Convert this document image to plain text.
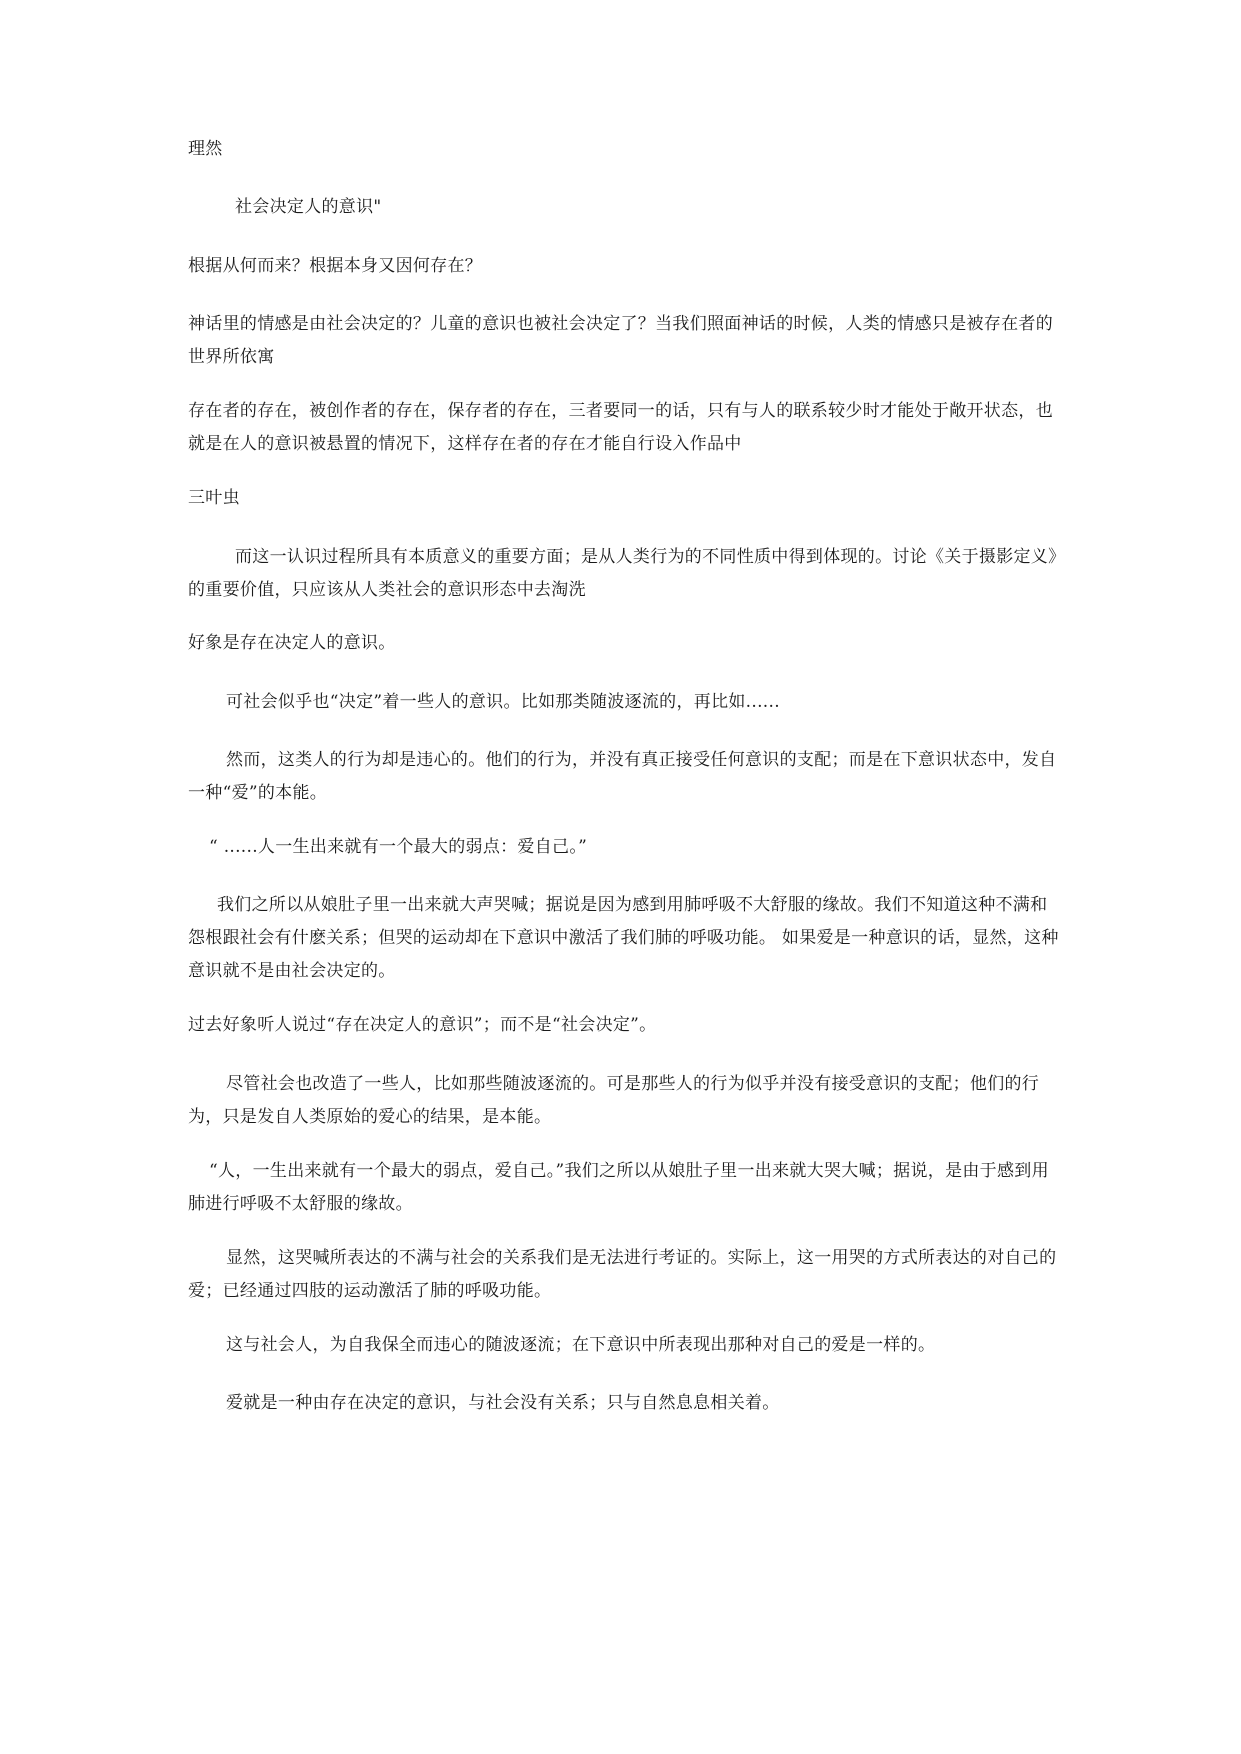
理然

社会决定人的意识"

根据从何而来？根据本身又因何存在？

神话里的情感是由社会决定的？儿童的意识也被社会决定了？当我们照面神话的时候，人类的情感只是被存在者的世界所依寓

存在者的存在，被创作者的存在，保存者的存在，三者要同一的话，只有与人的联系较少时才能处于敞开状态，也就是在人的意识被悬置的情况下，这样存在者的存在才能自行设入作品中

三叶虫

而这一认识过程所具有本质意义的重要方面；是从人类行为的不同性质中得到体现的。讨论《关于摄影定义》的重要价值，只应该从人类社会的意识形态中去淘洗

好象是存在决定人的意识。

可社会似乎也“决定”着一些人的意识。比如那类随波逐流的，再比如......

然而，这类人的行为却是违心的。他们的行为，并没有真正接受任何意识的支配；而是在下意识状态中，发自一种“爱”的本能。

“ ......人一生出来就有一个最大的弱点：爱自己。”

我们之所以从娘肚子里一出来就大声哭喊；据说是因为感到用肺呼吸不大舒服的缘故。我们不知道这种不满和怨根跟社会有什麽关系；但哭的运动却在下意识中激活了我们肺的呼吸功能。 如果爱是一种意识的话，显然，这种意识就不是由社会决定的。

过去好象听人说过“存在决定人的意识”；而不是“社会决定”。

尽管社会也改造了一些人，比如那些随波逐流的。可是那些人的行为似乎并没有接受意识的支配；他们的行为，只是发自人类原始的爱心的结果，是本能。

“人，一生出来就有一个最大的弱点，爱自己。”我们之所以从娘肚子里一出来就大哭大喊；据说，是由于感到用肺进行呼吸不太舒服的缘故。

显然，这哭喊所表达的不满与社会的关系我们是无法进行考证的。实际上，这一用哭的方式所表达的对自己的爱；已经通过四肢的运动激活了肺的呼吸功能。

这与社会人，为自我保全而违心的随波逐流；在下意识中所表现出那种对自己的爱是一样的。

爱就是一种由存在决定的意识，与社会没有关系；只与自然息息相关着。
